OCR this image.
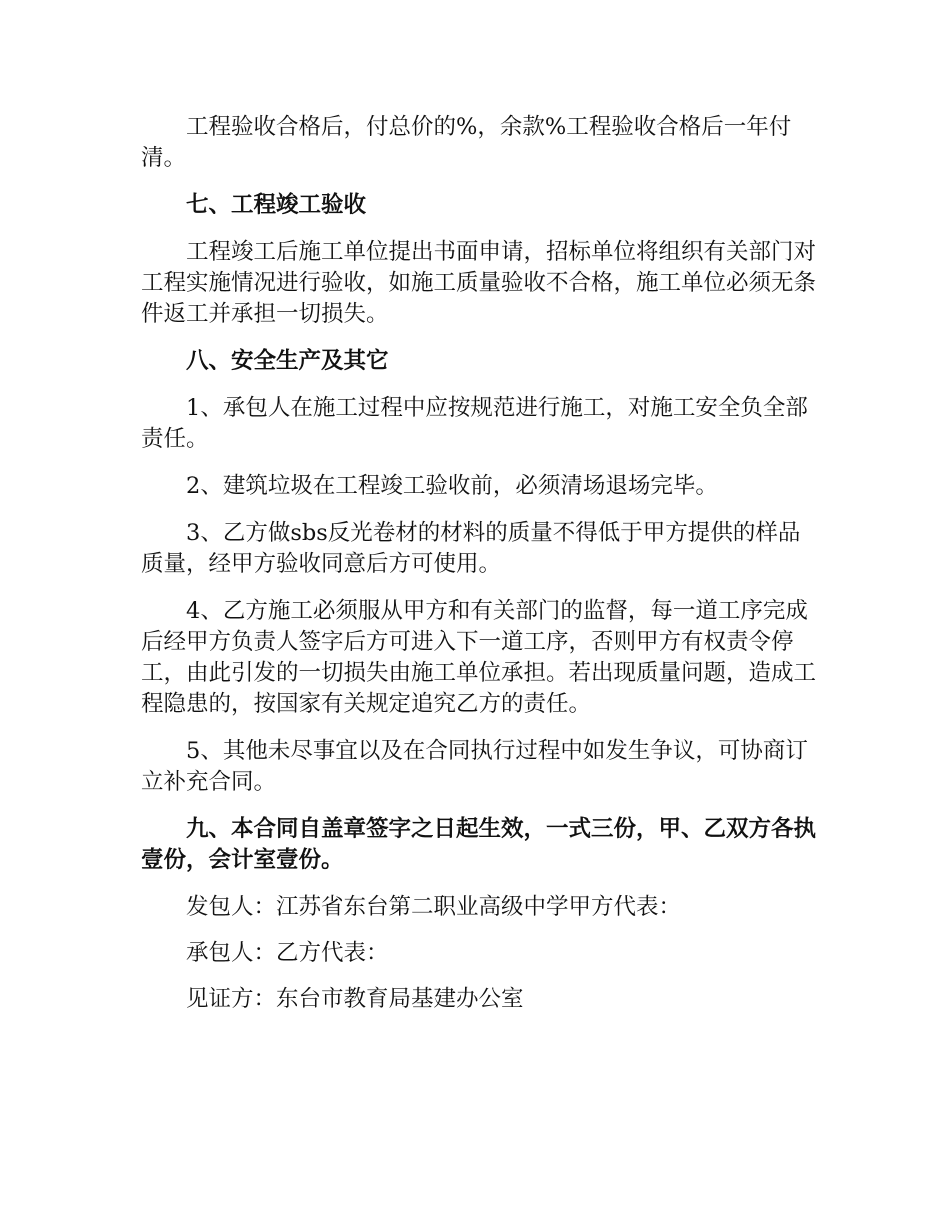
工程验收合格后，付总价的%，余款%工程验收合格后一年付清。

七、工程竣工验收

工程竣工后施工单位提出书面申请，招标单位将组织有关部门对工程实施情况进行验收，如施工质量验收不合格，施工单位必须无条件返工并承担一切损失。

八、安全生产及其它

1、承包人在施工过程中应按规范进行施工，对施工安全负全部责任。

2、建筑垃圾在工程竣工验收前，必须清场退场完毕。

3、乙方做sbs反光卷材的材料的质量不得低于甲方提供的样品质量，经甲方验收同意后方可使用。

4、乙方施工必须服从甲方和有关部门的监督，每一道工序完成后经甲方负责人签字后方可进入下一道工序，否则甲方有权责令停工，由此引发的一切损失由施工单位承担。若出现质量问题，造成工程隐患的，按国家有关规定追究乙方的责任。

5、其他未尽事宜以及在合同执行过程中如发生争议，可协商订立补充合同。

九、本合同自盖章签字之日起生效，一式三份，甲、乙双方各执壹份，会计室壹份。

发包人：江苏省东台第二职业高级中学甲方代表：

承包人：乙方代表：

见证方：东台市教育局基建办公室
